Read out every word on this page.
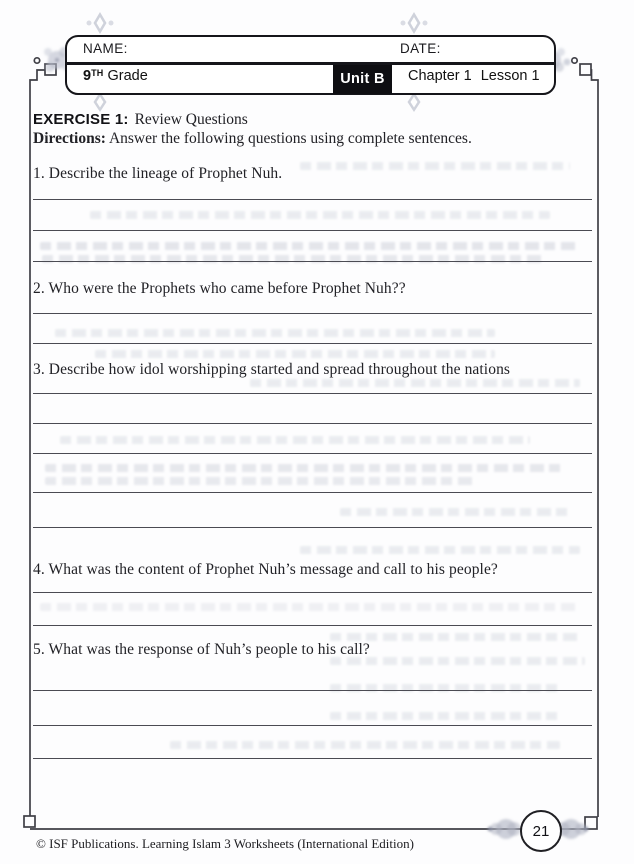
NAME:	DATE:
9TH Grade	Unit B	Chapter 1 Lesson 1
EXERCISE 1: Review Questions
Directions: Answer the following questions using complete sentences.

1. Describe the lineage of Prophet Nuh.

2. Who were the Prophets who came before Prophet Nuh??

3. Describe how idol worshipping started and spread throughout the nations

4. What was the content of Prophet Nuh’s message and call to his people?

5. What was the response of Nuh’s people to his call?

© ISF Publications. Learning Islam 3 Worksheets (International Edition)
21
